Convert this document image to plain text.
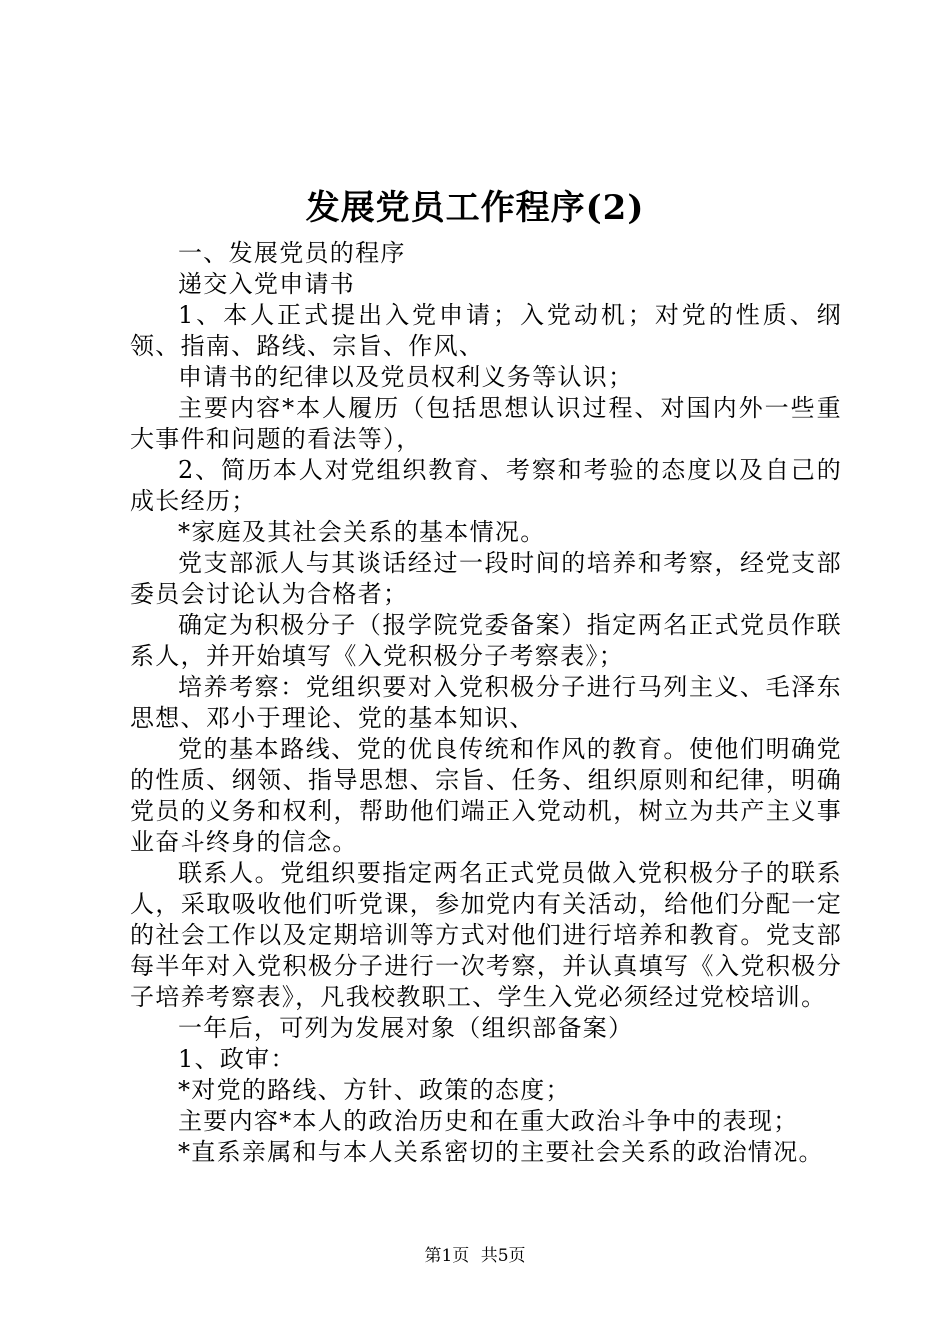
发展党员工作程序(2)

一、发展党员的程序

递交入党申请书

1、本人正式提出入党申请；入党动机；对党的性质、纲领、指南、路线、宗旨、作风、

申请书的纪律以及党员权利义务等认识；

主要内容*本人履历（包括思想认识过程、对国内外一些重大事件和问题的看法等），

2、简历本人对党组织教育、考察和考验的态度以及自己的成长经历；

*家庭及其社会关系的基本情况。

党支部派人与其谈话经过一段时间的培养和考察，经党支部委员会讨论认为合格者；

确定为积极分子（报学院党委备案）指定两名正式党员作联系人，并开始填写《入党积极分子考察表》；

培养考察：党组织要对入党积极分子进行马列主义、毛泽东思想、邓小于理论、党的基本知识、

党的基本路线、党的优良传统和作风的教育。使他们明确党的性质、纲领、指导思想、宗旨、任务、组织原则和纪律，明确党员的义务和权利，帮助他们端正入党动机，树立为共产主义事业奋斗终身的信念。

联系人。党组织要指定两名正式党员做入党积极分子的联系人，采取吸收他们听党课，参加党内有关活动，给他们分配一定的社会工作以及定期培训等方式对他们进行培养和教育。党支部每半年对入党积极分子进行一次考察，并认真填写《入党积极分子培养考察表》，凡我校教职工、学生入党必须经过党校培训。

一年后，可列为发展对象（组织部备案）

1、政审：

*对党的路线、方针、政策的态度；

主要内容*本人的政治历史和在重大政治斗争中的表现；

*直系亲属和与本人关系密切的主要社会关系的政治情况。

第1页 共5页
